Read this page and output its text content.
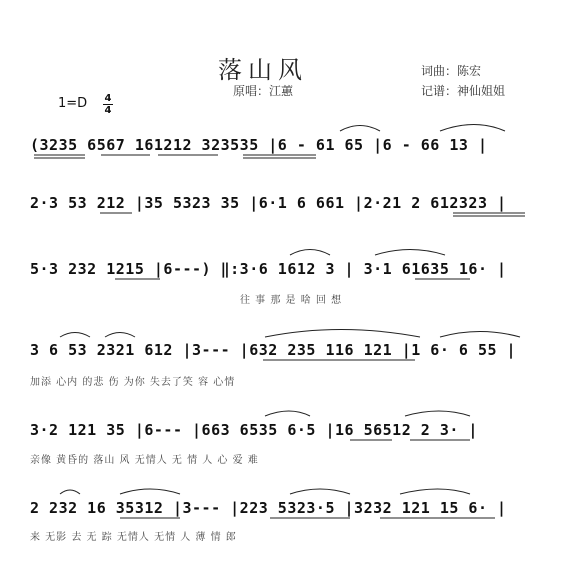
落山风	词曲：陈宏
原唱：江蕙	记谱：神仙姐姐
1=D 4
4
(3235 6567 161212 323535 |6 - 61 65 |6 - 66 13 |
2·3 53 212 |35 5323 35 |6·1 6 661 |2·21 2 612323 |
5·3 232 1215 |6---) ‖:3·6 1612 3 | 3·1 61635 16· |
往 事 那 是 啥 回 想
3 6 53 2321 612 |3--- |632 235 116 121 |1 6· 6 55 |
加添 心内 的悲 伤 为你 失去了笑 容 心情
3·2 121 35 |6--- |663 6535 6·5 |16 56512 2 3· |
亲像 黄昏的 落山 风 无情人 无 情 人 心 爱 难
2 232 16 35312 |3--- |223 5323·5 |3232 121 15 6· |
来 无影 去 无 踪 无情人 无情 人 薄 情 郎
